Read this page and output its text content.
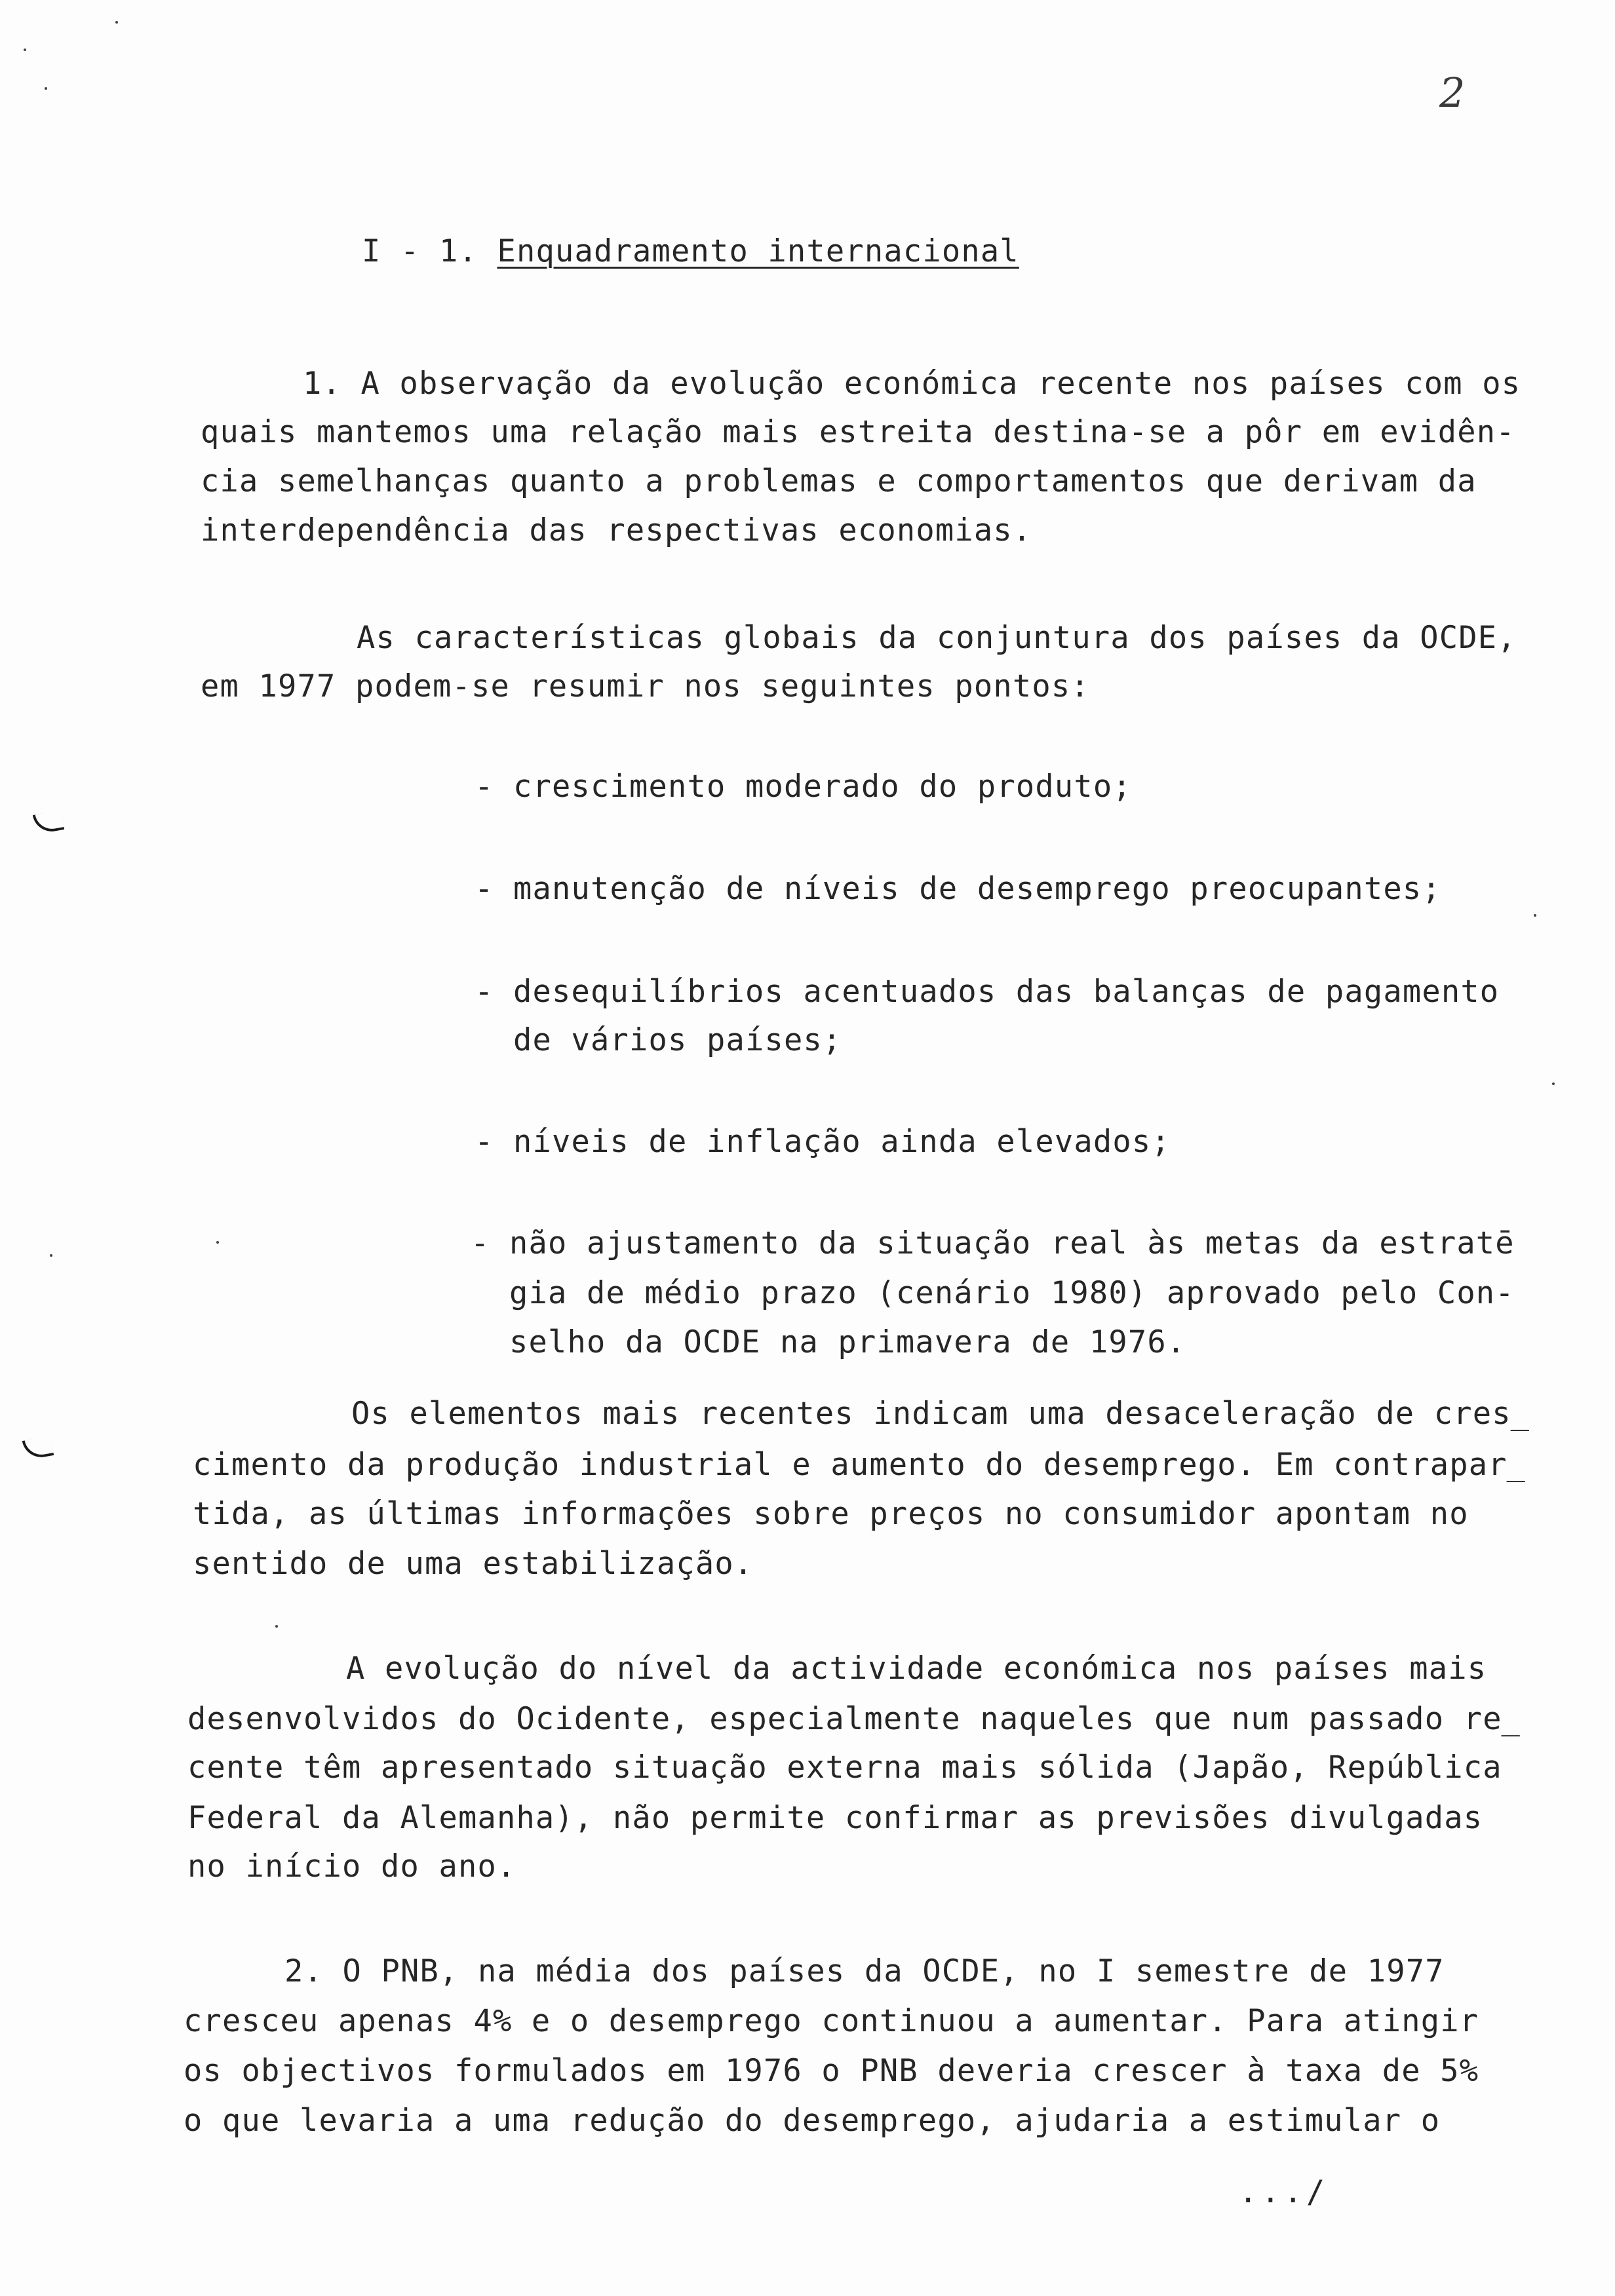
2
I - 1. Enquadramento internacional
1. A observação da evolução económica recente nos países com os
quais mantemos uma relação mais estreita destina-se a pôr em evidên-
cia semelhanças quanto a problemas e comportamentos que derivam da
interdependência das respectivas economias.
As características globais da conjuntura dos países da OCDE,
em 1977 podem-se resumir nos seguintes pontos:
- crescimento moderado do produto;
- manutenção de níveis de desemprego preocupantes;
- desequilíbrios acentuados das balanças de pagamento
de vários países;
- níveis de inflação ainda elevados;
- não ajustamento da situação real às metas da estratē
gia de médio prazo (cenário 1980) aprovado pelo Con-
selho da OCDE na primavera de 1976.
Os elementos mais recentes indicam uma desaceleração de cres̲
cimento da produção industrial e aumento do desemprego. Em contrapar̲
tida, as últimas informações sobre preços no consumidor apontam no
sentido de uma estabilização.
A evolução do nível da actividade económica nos países mais
desenvolvidos do Ocidente, especialmente naqueles que num passado re̲
cente têm apresentado situação externa mais sólida (Japão, República
Federal da Alemanha), não permite confirmar as previsões divulgadas
no início do ano.
2. O PNB, na média dos países da OCDE, no I semestre de 1977
cresceu apenas 4% e o desemprego continuou a aumentar. Para atingir
os objectivos formulados em 1976 o PNB deveria crescer à taxa de 5%
o que levaria a uma redução do desemprego, ajudaria a estimular o
.../
